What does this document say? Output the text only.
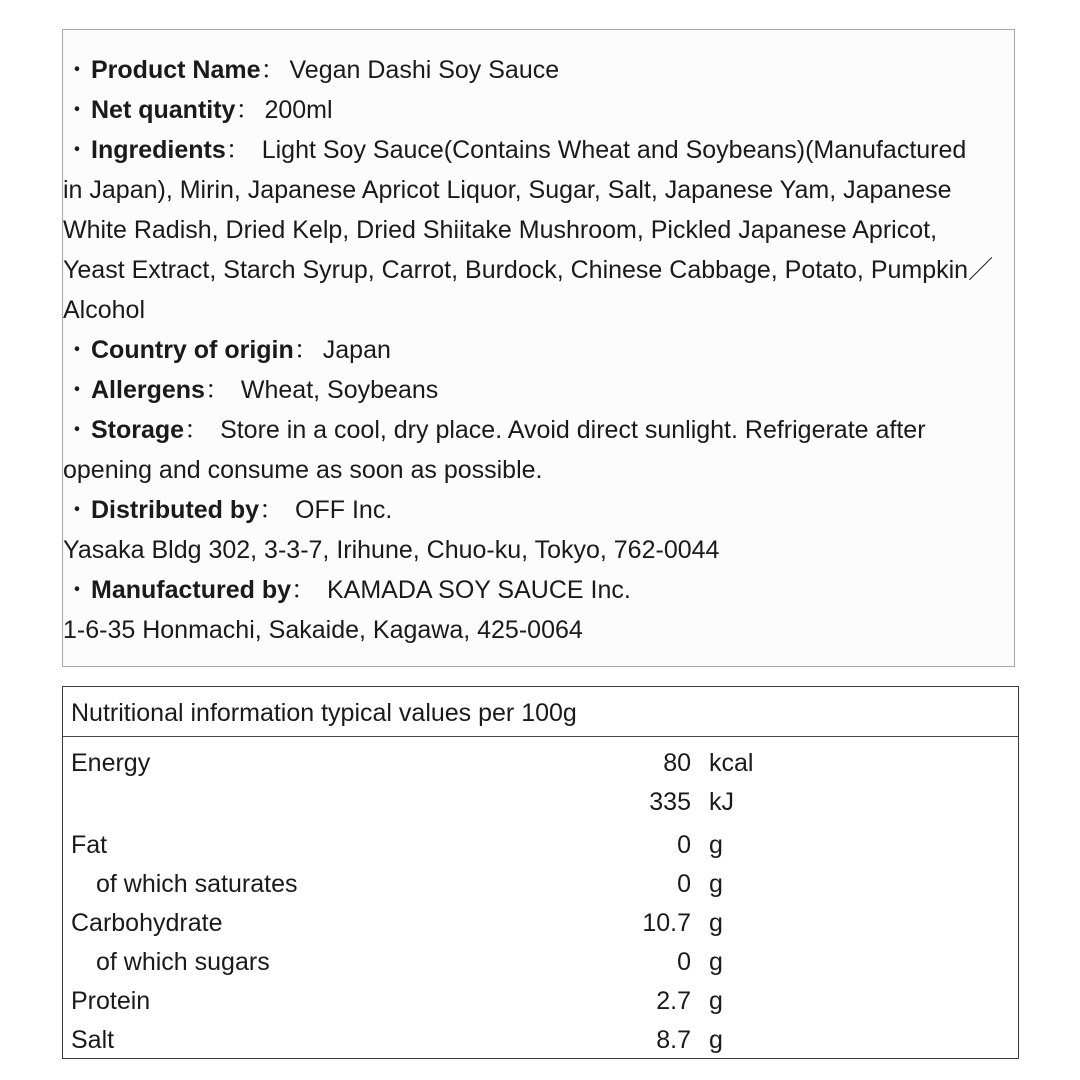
・Product Name： Vegan Dashi Soy Sauce

・Net quantity： 200ml

・Ingredients： Light Soy Sauce(Contains Wheat and Soybeans)(Manufactured

in Japan), Mirin, Japanese Apricot Liquor, Sugar, Salt, Japanese Yam, Japanese

White Radish, Dried Kelp, Dried Shiitake Mushroom, Pickled Japanese Apricot,

Yeast Extract, Starch Syrup, Carrot, Burdock, Chinese Cabbage, Potato, Pumpkin／

Alcohol

・Country of origin： Japan

・Allergens： Wheat, Soybeans

・Storage： Store in a cool, dry place. Avoid direct sunlight. Refrigerate after

opening and consume as soon as possible.

・Distributed by： OFF Inc.

Yasaka Bldg 302, 3-3-7, Irihune, Chuo-ku, Tokyo, 762-0044

・Manufactured by： KAMADA SOY SAUCE Inc.

1-6-35 Honmachi, Sakaide, Kagawa, 425-0064

Nutritional information typical values per 100g
Energy	80 kcal
335 kJ
Fat	0 g
of which saturates	0 g
Carbohydrate	10.7 g
of which sugars	0 g
Protein	2.7 g
Salt	8.7 g
